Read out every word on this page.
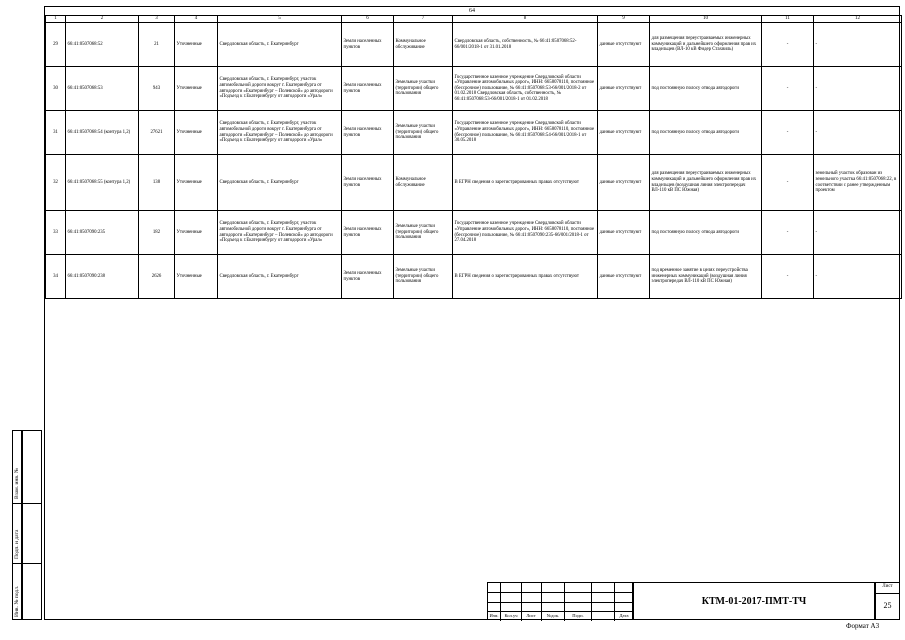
64
1	2	3	4	5	6	7	8	9	10	11	12
29	66:41:0507068:52	21	Уточненные	Свердловская область, г. Екатеринбург	Земли населенных пунктов	Коммунальное обслуживание	Свердловская область, собственность, № 66:41:0507068:52-66/001/2018-1 от 31.01.2018	данные отсутствуют	для размещения переустраиваемых инженерных коммуникаций и дальнейшего оформления прав их владельцев (ВЛ-10 кВ Фидер Стахвиль)	-	-
30	66:41:0507068:53	943	Уточненные	Свердловская область, г. Екатеринбург, участок автомобильной дороги вокруг г. Екатеринбурга от автодороги «Екатеринбург – Полевской» до автодороги «Подъезд к г.Екатеринбургу от автодороги «Урал»	Земли населенных пунктов	Земельные участки (территории) общего пользования	Государственное казенное учреждение Свердловской области «Управление автомобильных дорог», ИНН: 6658078110, постоянное (бессрочное) пользование, № 66:41:0507068:53-66/001/2018-2 от 01.02.2018 Свердловская область, собственность, № 66:41:0507068:53-66/001/2018-1 от 01.02.2018	данные отсутствуют	под постоянную полосу отвода автодороги	-	-
31	66:41:0507068:54 (контура 1,2)	27621	Уточненные	Свердловская область, г. Екатеринбург, участок автомобильной дороги вокруг г. Екатеринбурга от автодороги «Екатеринбург – Полевской» до автодороги «Подъезд к г.Екатеринбургу от автодороги «Урал»	Земли населенных пунктов	Земельные участки (территории) общего пользования	Государственное казенное учреждение Свердловской области «Управление автомобильных дорог», ИНН: 6658078110, постоянное (бессрочное) пользование, № 66:41:0507068:54-66/001/2018-1 от 30.05.2018	данные отсутствуют	под постоянную полосу отвода автодороги	-	-
32	66:41:0507068:55 (контура 1,2)	138	Уточненные	Свердловская область, г. Екатеринбург	Земли населенных пунктов	Коммунальное обслуживание	В ЕГРН сведения о зарегистрированных правах отсутствуют	данные отсутствуют	для размещения переустраиваемых инженерных коммуникаций и дальнейшего оформления прав их владельцев (воздушная линия электропередач ВЛ-110 кВ ПС Южная)	-	земельный участок образован из земельного участка 66:41:0507068:22, в соответствии с ранее утвержденным проектом
33	66:41:0507090:235	182	Уточненные	Свердловская область, г. Екатеринбург, участок автомобильной дороги вокруг г. Екатеринбурга от автодороги «Екатеринбург – Полевской» до автодороги «Подъезд к г.Екатеринбургу от автодороги «Урал»	Земли населенных пунктов	Земельные участки (территории) общего пользования	Государственное казенное учреждение Свердловской области «Управление автомобильных дорог», ИНН: 6658078110, постоянное (бессрочное) пользование, № 66:41:0507090:235-66/001/2018-1 от 27.04.2018	данные отсутствуют	под постоянную полосу отвода автодороги	-	-
34	66:41:0507090:238	2626	Уточненные	Свердловская область, г. Екатеринбург	Земли населенных пунктов	Земельные участки (территории) общего пользования	В ЕГРН сведения о зарегистрированных правах отсутствуют	данные отсутствуют	под временное занятие в целях переустройства инженерных коммуникаций (воздушная линия электропередач ВЛ-110 кВ ПС Южная)	-	-
Взам. инв. №
Подп. и дата
Инв. № подл.	Изм.	Кол.уч	Лист	№док.	Подп.	Дата
КТМ-01-2017-ПМТ-ТЧ
Лист
25
Формат А3
